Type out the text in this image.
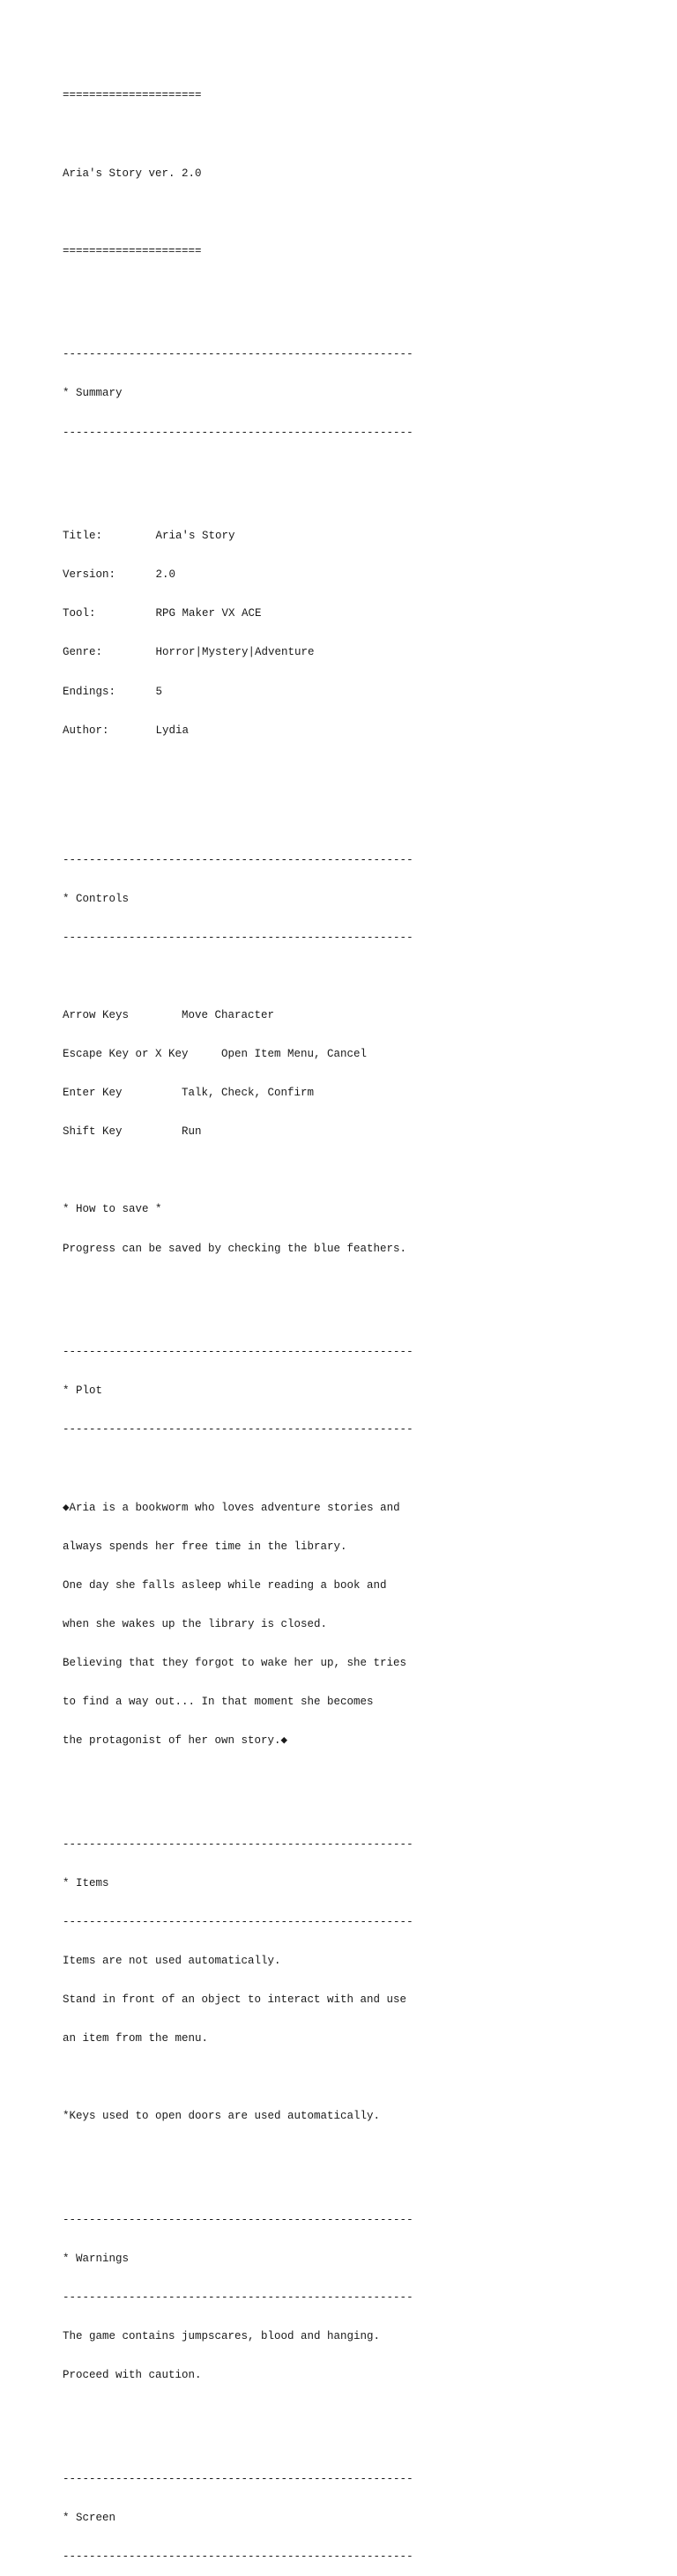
=====================

Aria's Story ver. 2.0

=====================

-----------------------------------------------------

* Summary

-----------------------------------------------------

Title:	Aria's Story

Version:	2.0

Tool:	RPG Maker VX ACE

Genre:	Horror|Mystery|Adventure

Endings:	5

Author:	Lydia

-----------------------------------------------------

* Controls

-----------------------------------------------------

Arrow Keys        Move Character

Escape Key or X Key     Open Item Menu, Cancel

Enter Key         Talk, Check, Confirm

Shift Key         Run

* How to save *

Progress can be saved by checking the blue feathers.

-----------------------------------------------------

* Plot

-----------------------------------------------------

◆Aria is a bookworm who loves adventure stories and

always spends her free time in the library.

One day she falls asleep while reading a book and

when she wakes up the library is closed.

Believing that they forgot to wake her up, she tries

to find a way out... In that moment she becomes

the protagonist of her own story.◆

-----------------------------------------------------

* Items

-----------------------------------------------------

Items are not used automatically.

Stand in front of an object to interact with and use

an item from the menu.

*Keys used to open doors are used automatically.

-----------------------------------------------------

* Warnings

-----------------------------------------------------

The game contains jumpscares, blood and hanging.

Proceed with caution.

-----------------------------------------------------

* Screen

-----------------------------------------------------
